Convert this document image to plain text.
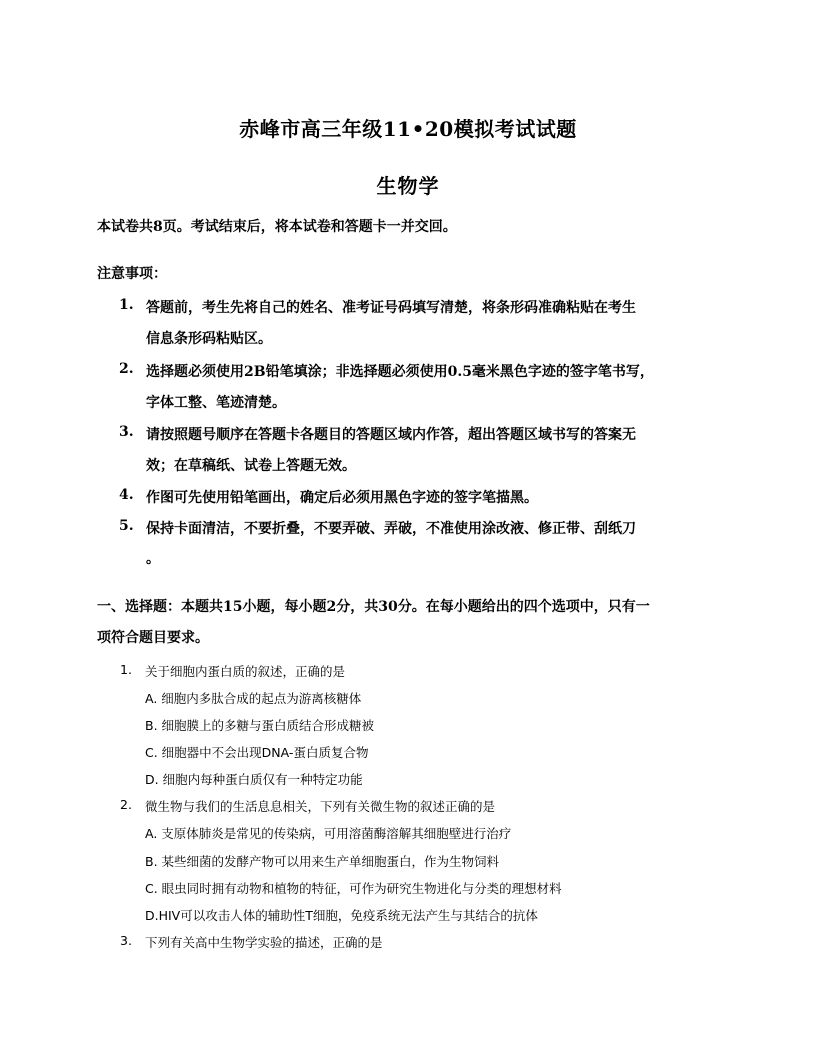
赤峰市高三年级11•20模拟考试试题
生物学
本试卷共8页。考试结束后，将本试卷和答题卡一并交回。
注意事项：
1. 答题前，考生先将自己的姓名、准考证号码填写清楚，将条形码准确粘贴在考生
信息条形码粘贴区。
2. 选择题必须使用2B铅笔填涂；非选择题必须使用0.5毫米黑色字迹的签字笔书写，
字体工整、笔迹清楚。
3. 请按照题号顺序在答题卡各题目的答题区域内作答，超出答题区域书写的答案无
效；在草稿纸、试卷上答题无效。
4. 作图可先使用铅笔画出，确定后必须用黑色字迹的签字笔描黑。
5. 保持卡面清洁，不要折叠，不要弄破、弄破，不准使用涂改液、修正带、刮纸刀
。
一、选择题：本题共15小题，每小题2分，共30分。在每小题给出的四个选项中，只有一
项符合题目要求。
1. 关于细胞内蛋白质的叙述，正确的是
A. 细胞内多肽合成的起点为游离核糖体
B. 细胞膜上的多糖与蛋白质结合形成糖被
C. 细胞器中不会出现DNA-蛋白质复合物
D. 细胞内每种蛋白质仅有一种特定功能
2. 微生物与我们的生活息息相关，下列有关微生物的叙述正确的是
A. 支原体肺炎是常见的传染病，可用溶菌酶溶解其细胞壁进行治疗
B. 某些细菌的发酵产物可以用来生产单细胞蛋白，作为生物饲料
C. 眼虫同时拥有动物和植物的特征，可作为研究生物进化与分类的理想材料
D.HIV可以攻击人体的辅助性T细胞，免疫系统无法产生与其结合的抗体
3. 下列有关高中生物学实验的描述，正确的是
